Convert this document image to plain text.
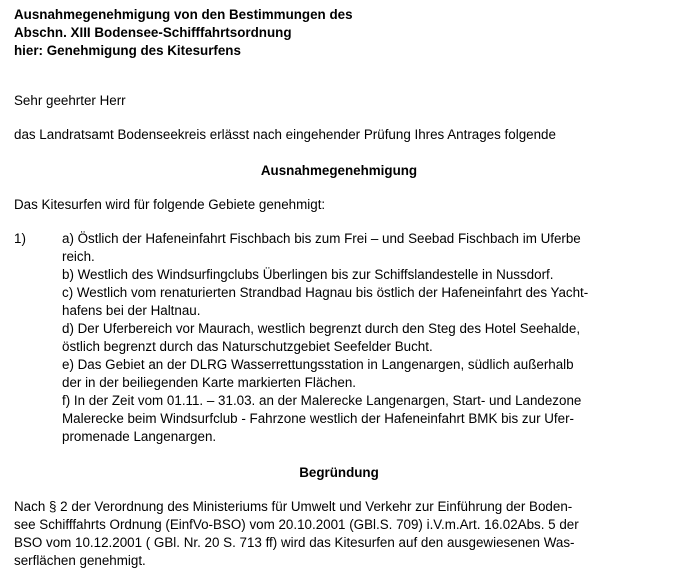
Ausnahmegenehmigung von den Bestimmungen des
Abschn. XIII Bodensee-Schifffahrtsordnung
hier: Genehmigung des Kitesurfens
Sehr geehrter Herr
das Landratsamt Bodenseekreis erlässt nach eingehender Prüfung Ihres Antrages folgende
Ausnahmegenehmigung
Das Kitesurfen wird für folgende Gebiete genehmigt:
1)	a) Östlich der Hafeneinfahrt Fischbach bis zum Frei – und Seebad Fischbach im Uferbe
reich.
b) Westlich des Windsurfingclubs Überlingen bis zur Schiffslandestelle in Nussdorf.
c) Westlich vom renaturierten Strandbad Hagnau bis östlich der Hafeneinfahrt des Yacht-
hafens bei der Haltnau.
d) Der Uferbereich vor Maurach, westlich begrenzt durch den Steg des Hotel Seehalde,
östlich begrenzt durch das Naturschutzgebiet Seefelder Bucht.
e) Das Gebiet an der DLRG Wasserrettungsstation in Langenargen, südlich außerhalb
der in der beiliegenden Karte markierten Flächen.
f) In der Zeit vom 01.11. – 31.03. an der Malerecke Langenargen, Start- und Landezone
Malerecke beim Windsurfclub - Fahrzone westlich der Hafeneinfahrt BMK bis zur Ufer-
promenade Langenargen.
Begründung
Nach § 2 der Verordnung des Ministeriums für Umwelt und Verkehr zur Einführung der Boden-
see Schifffahrts Ordnung (EinfVo-BSO) vom 20.10.2001 (GBl.S. 709) i.V.m.Art. 16.02Abs. 5 der
BSO vom 10.12.2001 ( GBl. Nr. 20 S. 713 ff) wird das Kitesurfen auf den ausgewiesenen Was-
serflächen genehmigt.
